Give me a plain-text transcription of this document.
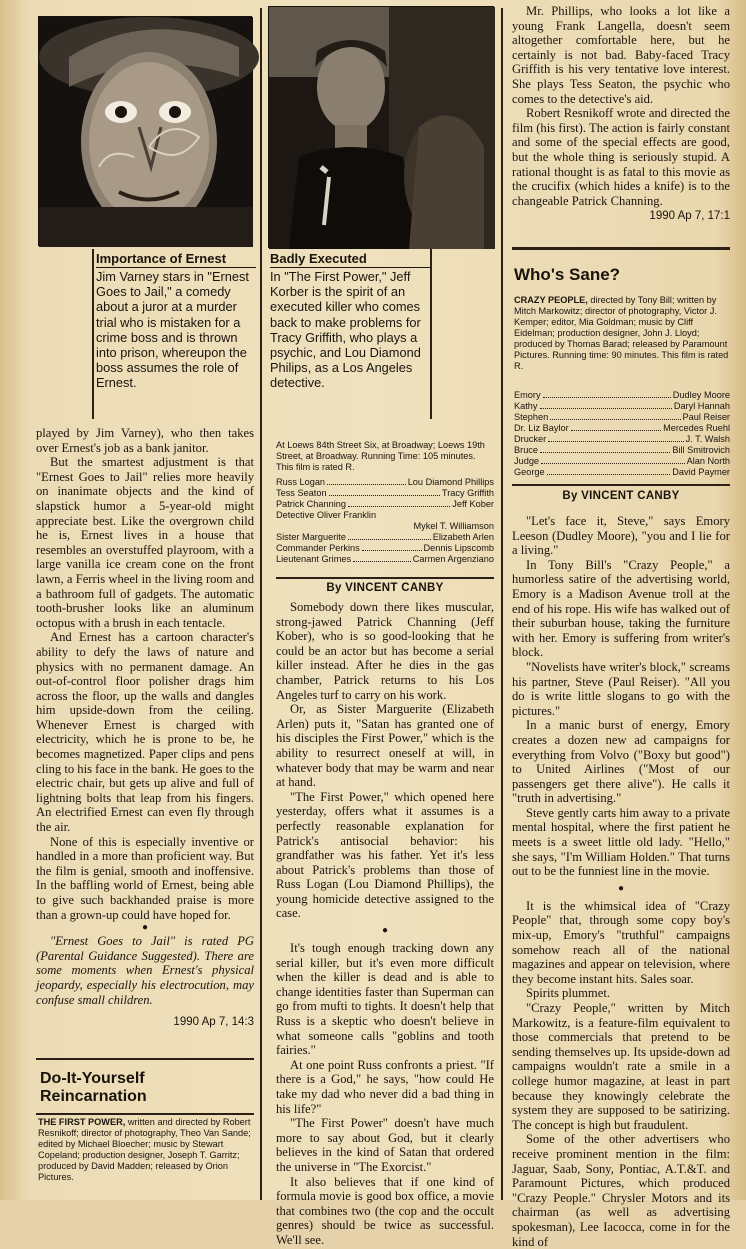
Importance of Ernest
Jim Varney stars in "Ernest Goes to Jail," a comedy about a juror at a murder trial who is mistaken for a crime boss and is thrown into prison, whereupon the boss assumes the role of Ernest.

played by Jim Varney), who then takes over Ernest's job as a bank janitor.

But the smartest adjustment is that "Ernest Goes to Jail" relies more heavily on inanimate objects and the kind of slapstick humor a 5-year-old might appreciate best. Like the overgrown child he is, Ernest lives in a house that resembles an overstuffed playroom, with a large vanilla ice cream cone on the front lawn, a Ferris wheel in the living room and a bathroom full of gadgets. The automatic tooth-brusher looks like an aluminum octopus with a brush in each tentacle.

And Ernest has a cartoon character's ability to defy the laws of nature and physics with no permanent damage. An out-of-control floor polisher drags him across the floor, up the walls and dangles him upside-down from the ceiling. Whenever Ernest is charged with electricity, which he is prone to be, he becomes magnetized. Paper clips and pens cling to his face in the bank. He goes to the electric chair, but gets up alive and full of lightning bolts that leap from his fingers. An electrified Ernest can even fly through the air.

None of this is especially inventive or handled in a more than proficient way. But the film is genial, smooth and inoffensive. In the baffling world of Ernest, being able to give such backhanded praise is more than a grown-up could have hoped for.

●

"Ernest Goes to Jail" is rated PG (Parental Guidance Suggested). There are some moments when Ernest's physical jeopardy, especially his electrocution, may confuse small children.

1990 Ap 7, 14:3
Do-It-Yourself Reincarnation
THE FIRST POWER, written and directed by Robert Resnikoff; director of photography, Theo Van Sande; edited by Michael Bloecher; music by Stewart Copeland; production designer, Joseph T. Garritz; produced by David Madden; released by Orion Pictures.
Badly Executed
In "The First Power," Jeff Korber is the spirit of an executed killer who comes back to make problems for Tracy Griffith, who plays a psychic, and Lou Diamond Philips, as a Los Angeles detective.
At Loews 84th Street Six, at Broadway; Loews 19th Street, at Broadway. Running Time: 105 minutes. This film is rated R.
Russ Logan	Lou Diamond Phillips
Tess Seaton	Tracy Griffith
Patrick Channing	Jeff Kober
Detective Oliver Franklin
Mykel T. Williamson
Sister Marguerite	Elizabeth Arlen
Commander Perkins	Dennis Lipscomb
Lieutenant Grimes	Carmen Argenziano
By VINCENT CANBY

Somebody down there likes muscular, strong-jawed Patrick Channing (Jeff Kober), who is so good-looking that he could be an actor but has become a serial killer instead. After he dies in the gas chamber, Patrick returns to his Los Angeles turf to carry on his work.

Or, as Sister Marguerite (Elizabeth Arlen) puts it, "Satan has granted one of his disciples the First Power," which is the ability to resurrect oneself at will, in whatever body that may be warm and near at hand.

"The First Power," which opened here yesterday, offers what it assumes is a perfectly reasonable explanation for Patrick's antisocial behavior: his grandfather was his father. Yet it's less about Patrick's problems than those of Russ Logan (Lou Diamond Phillips), the young homicide detective assigned to the case.

●

It's tough enough tracking down any serial killer, but it's even more difficult when the killer is dead and is able to change identities faster than Superman can go from mufti to tights. It doesn't help that Russ is a skeptic who doesn't believe in what someone calls "goblins and tooth fairies."

At one point Russ confronts a priest. "If there is a God," he says, "how could He take my dad who never did a bad thing in his life?"

"The First Power" doesn't have much more to say about God, but it clearly believes in the kind of Satan that ordered the universe in "The Exorcist."

It also believes that if one kind of formula movie is good box office, a movie that combines two (the cop and the occult genres) should be twice as successful. We'll see.

Mr. Phillips, who looks a lot like a young Frank Langella, doesn't seem altogether comfortable here, but he certainly is not bad. Baby-faced Tracy Griffith is his very tentative love interest. She plays Tess Seaton, the psychic who comes to the detective's aid.

Robert Resnikoff wrote and directed the film (his first). The action is fairly constant and some of the special effects are good, but the whole thing is seriously stupid. A rational thought is as fatal to this movie as the crucifix (which hides a knife) is to the changeable Patrick Channing.

1990 Ap 7, 17:1
Who's Sane?
CRAZY PEOPLE, directed by Tony Bill; written by Mitch Markowitz; director of photography, Victor J. Kemper; editor, Mia Goldman; music by Cliff Eidelman; production designer, John J. Lloyd; produced by Thomas Barad; released by Paramount Pictures. Running time: 90 minutes. This film is rated R.
Emory	Dudley Moore
Kathy	Daryl Hannah
Stephen	Paul Reiser
Dr. Liz Baylor	Mercedes Ruehl
Drucker	J. T. Walsh
Bruce	Bill Smitrovich
Judge	Alan North
George	David Paymer
By VINCENT CANBY

"Let's face it, Steve," says Emory Leeson (Dudley Moore), "you and I lie for a living."

In Tony Bill's "Crazy People," a humorless satire of the advertising world, Emory is a Madison Avenue troll at the end of his rope. His wife has walked out of their suburban house, taking the furniture with her. Emory is suffering from writer's block.

"Novelists have writer's block," screams his partner, Steve (Paul Reiser). "All you do is write little slogans to go with the pictures."

In a manic burst of energy, Emory creates a dozen new ad campaigns for everything from Volvo ("Boxy but good") to United Airlines ("Most of our passengers get there alive"). He calls it "truth in advertising."

Steve gently carts him away to a private mental hospital, where the first patient he meets is a sweet little old lady. "Hello," she says, "I'm William Holden." That turns out to be the funniest line in the movie.

●

It is the whimsical idea of "Crazy People" that, through some copy boy's mix-up, Emory's "truthful" campaigns somehow reach all of the national magazines and appear on television, where they become instant hits. Sales soar.

Spirits plummet.

"Crazy People," written by Mitch Markowitz, is a feature-film equivalent to those commercials that pretend to be sending themselves up. Its upside-down ad campaigns wouldn't rate a smile in a college humor magazine, at least in part because they knowingly celebrate the system they are supposed to be satirizing. The concept is high but fraudulent.

Some of the other advertisers who receive prominent mention in the film: Jaguar, Saab, Sony, Pontiac, A.T.&T. and Paramount Pictures, which produced "Crazy People." Chrysler Motors and its chairman (as well as advertising spokesman), Lee Iacocca, come in for the kind of
